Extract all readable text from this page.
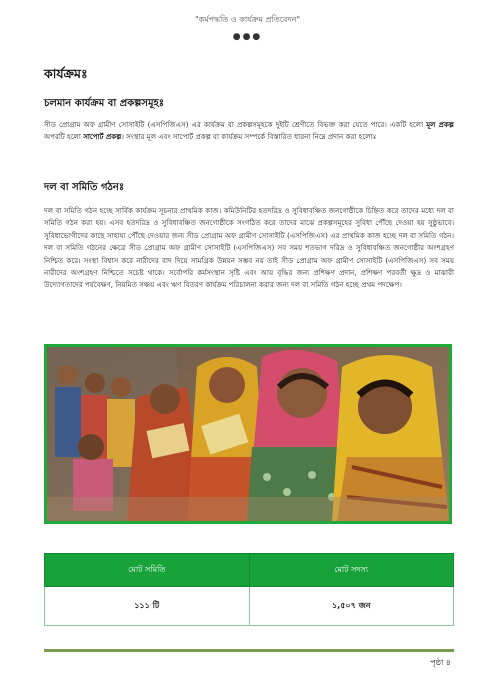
"কর্মপদ্ধতি ও কার্যক্রম প্রতিবেদন"
●●●
কার্যক্রমঃ
চলমান কার্যক্রম বা প্রকল্পসমূহঃ
সীড প্রোগ্রাম অফ গ্রামীণ সোসাইটি (এসপিজিএস) এর কার্যক্রম বা প্রকল্পসমূহকে দুইটি শ্রেণীতে বিভক্ত করা যেতে পারে। একটি হলো মূল প্রকল্প অপরটি হলো সাপোর্ট প্রকল্প। সংস্থার মূল এবং সাপোর্ট প্রকল্প বা কার্যক্রম সম্পর্কে বিস্তারিত ধারনা নিম্নে প্রদান করা হলোঃ
দল বা সমিতি গঠনঃ
দল বা সমিতি গঠন হচ্ছে সার্বিক কার্যক্রম সূচনার প্রাথমিক কাজ। কমিউনিটির হতদরিদ্র ও সুবিধাবঞ্চিত জনগোষ্ঠীকে চিহ্নিত করে তাদের মধ্যে দল বা সমিতি গঠন করা হয়। এসব হতদরিদ্র ও সুবিধাবঞ্চিত জনগোষ্ঠীকে সংগঠিত করে তাদের মাঝে প্রকল্পসমূহের সুবিধা পৌঁছে দেওয়া হয় সুষ্ঠুভাবে। সুবিধাভোগীদের কাছে সাহায্য পৌঁছে দেওয়ার জন্য সীড প্রোগ্রাম অফ গ্রামীণ সোসাইটি (এসপিজিএস) এর প্রাথমিক কাজ হচ্ছে দল বা সমিতি গঠন। দল বা সমিতি গঠনের ক্ষেত্রে সীড প্রোগ্রাম অফ গ্রামীণ সোসাইটি (এসপিজিএস) সব সময় শতভাগ দরিদ্র ও সুবিধাবঞ্চিত জনগোষ্ঠীর অংশগ্রহণ নিশ্চিত করে। সংস্থা বিশ্বাস করে নারীদের বাদ দিয়ে সামগ্রিক উন্নয়ন সম্ভব নয় তাই সীড প্রোগ্রাম অফ গ্রামীণ সোসাইটি (এসপিজিএস) সব সময় নারীদের অংশগ্রহণ নিশ্চিতে সচেষ্ট থাকে। সর্বোপরি কর্মসংস্থান সৃষ্টি এবং আয় বৃদ্ধির জন্য প্রশিক্ষণ প্রদান, প্রশিক্ষণ পরবর্তী ক্ষুদ্র ও মাঝারী উদ্যোগতাদের পর্যবেক্ষণ, নিয়মিত সঞ্চয় এবং ঋণ বিতরণ কার্যক্রম পরিচালনা করার জন্য দল বা সমিতি গঠন হচ্ছে প্রথম পদক্ষেপ।
মোট সমিতি	মোট সদস্য
১১১ টি	১,৫০৭ জন
পৃষ্ঠা ৪
